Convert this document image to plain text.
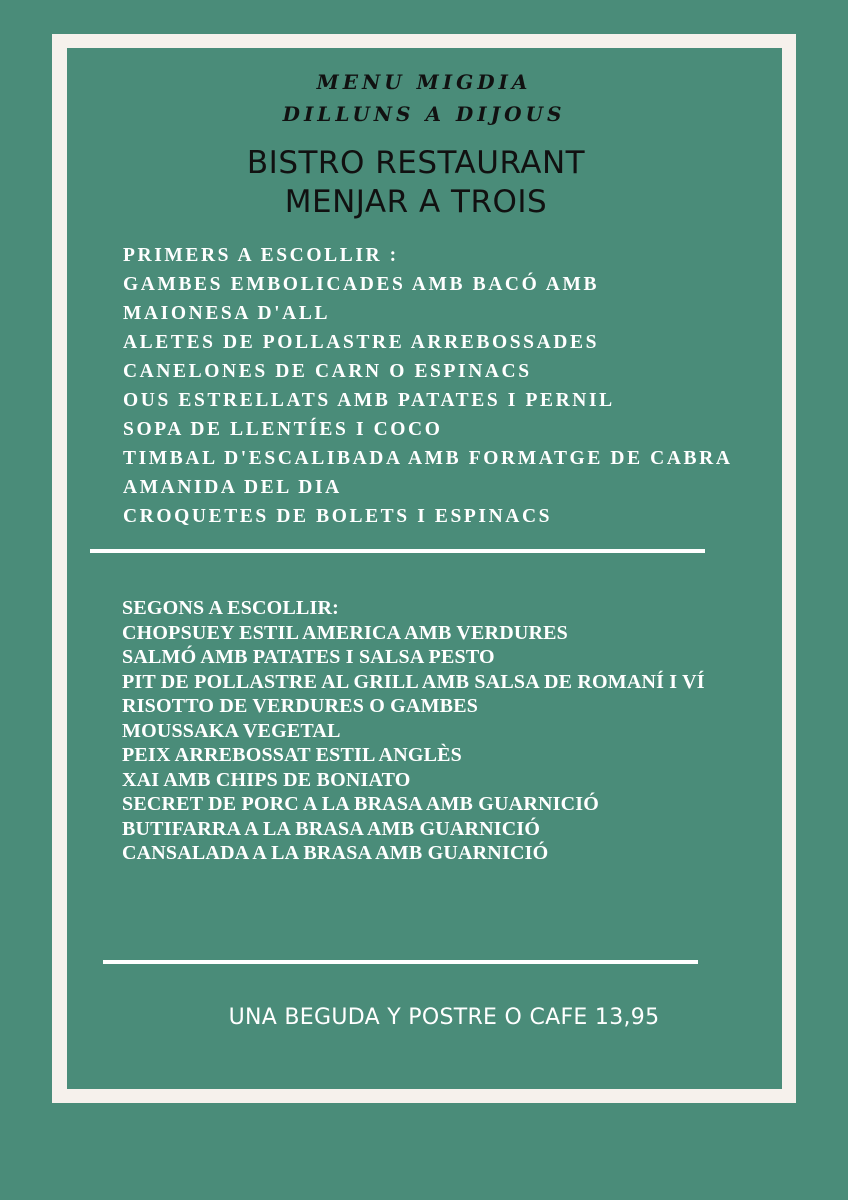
MENU MIGDIA
DILLUNS A DIJOUS
BISTRO RESTAURANT
MENJAR A TROIS
PRIMERS A ESCOLLIR :
GAMBES EMBOLICADES AMB BACÓ AMB
MAIONESA D'ALL
ALETES DE POLLASTRE ARREBOSSADES
CANELONES DE CARN O ESPINACS
OUS ESTRELLATS AMB PATATES I PERNIL
SOPA DE LLENTÍES I COCO
TIMBAL D'ESCALIBADA AMB FORMATGE DE CABRA
AMANIDA DEL DIA
CROQUETES DE BOLETS I ESPINACS
SEGONS A ESCOLLIR:
CHOPSUEY ESTIL AMERICA AMB VERDURES
SALMÓ AMB PATATES I SALSA PESTO
PIT DE POLLASTRE AL GRILL AMB SALSA DE ROMANÍ I VÍ
RISOTTO DE VERDURES O GAMBES
MOUSSAKA VEGETAL
PEIX ARREBOSSAT ESTIL ANGLÈS
XAI AMB CHIPS DE BONIATO
SECRET DE PORC A LA BRASA AMB GUARNICIÓ
BUTIFARRA A LA BRASA AMB GUARNICIÓ
CANSALADA A LA BRASA AMB GUARNICIÓ
UNA BEGUDA Y POSTRE O CAFE 13,95
